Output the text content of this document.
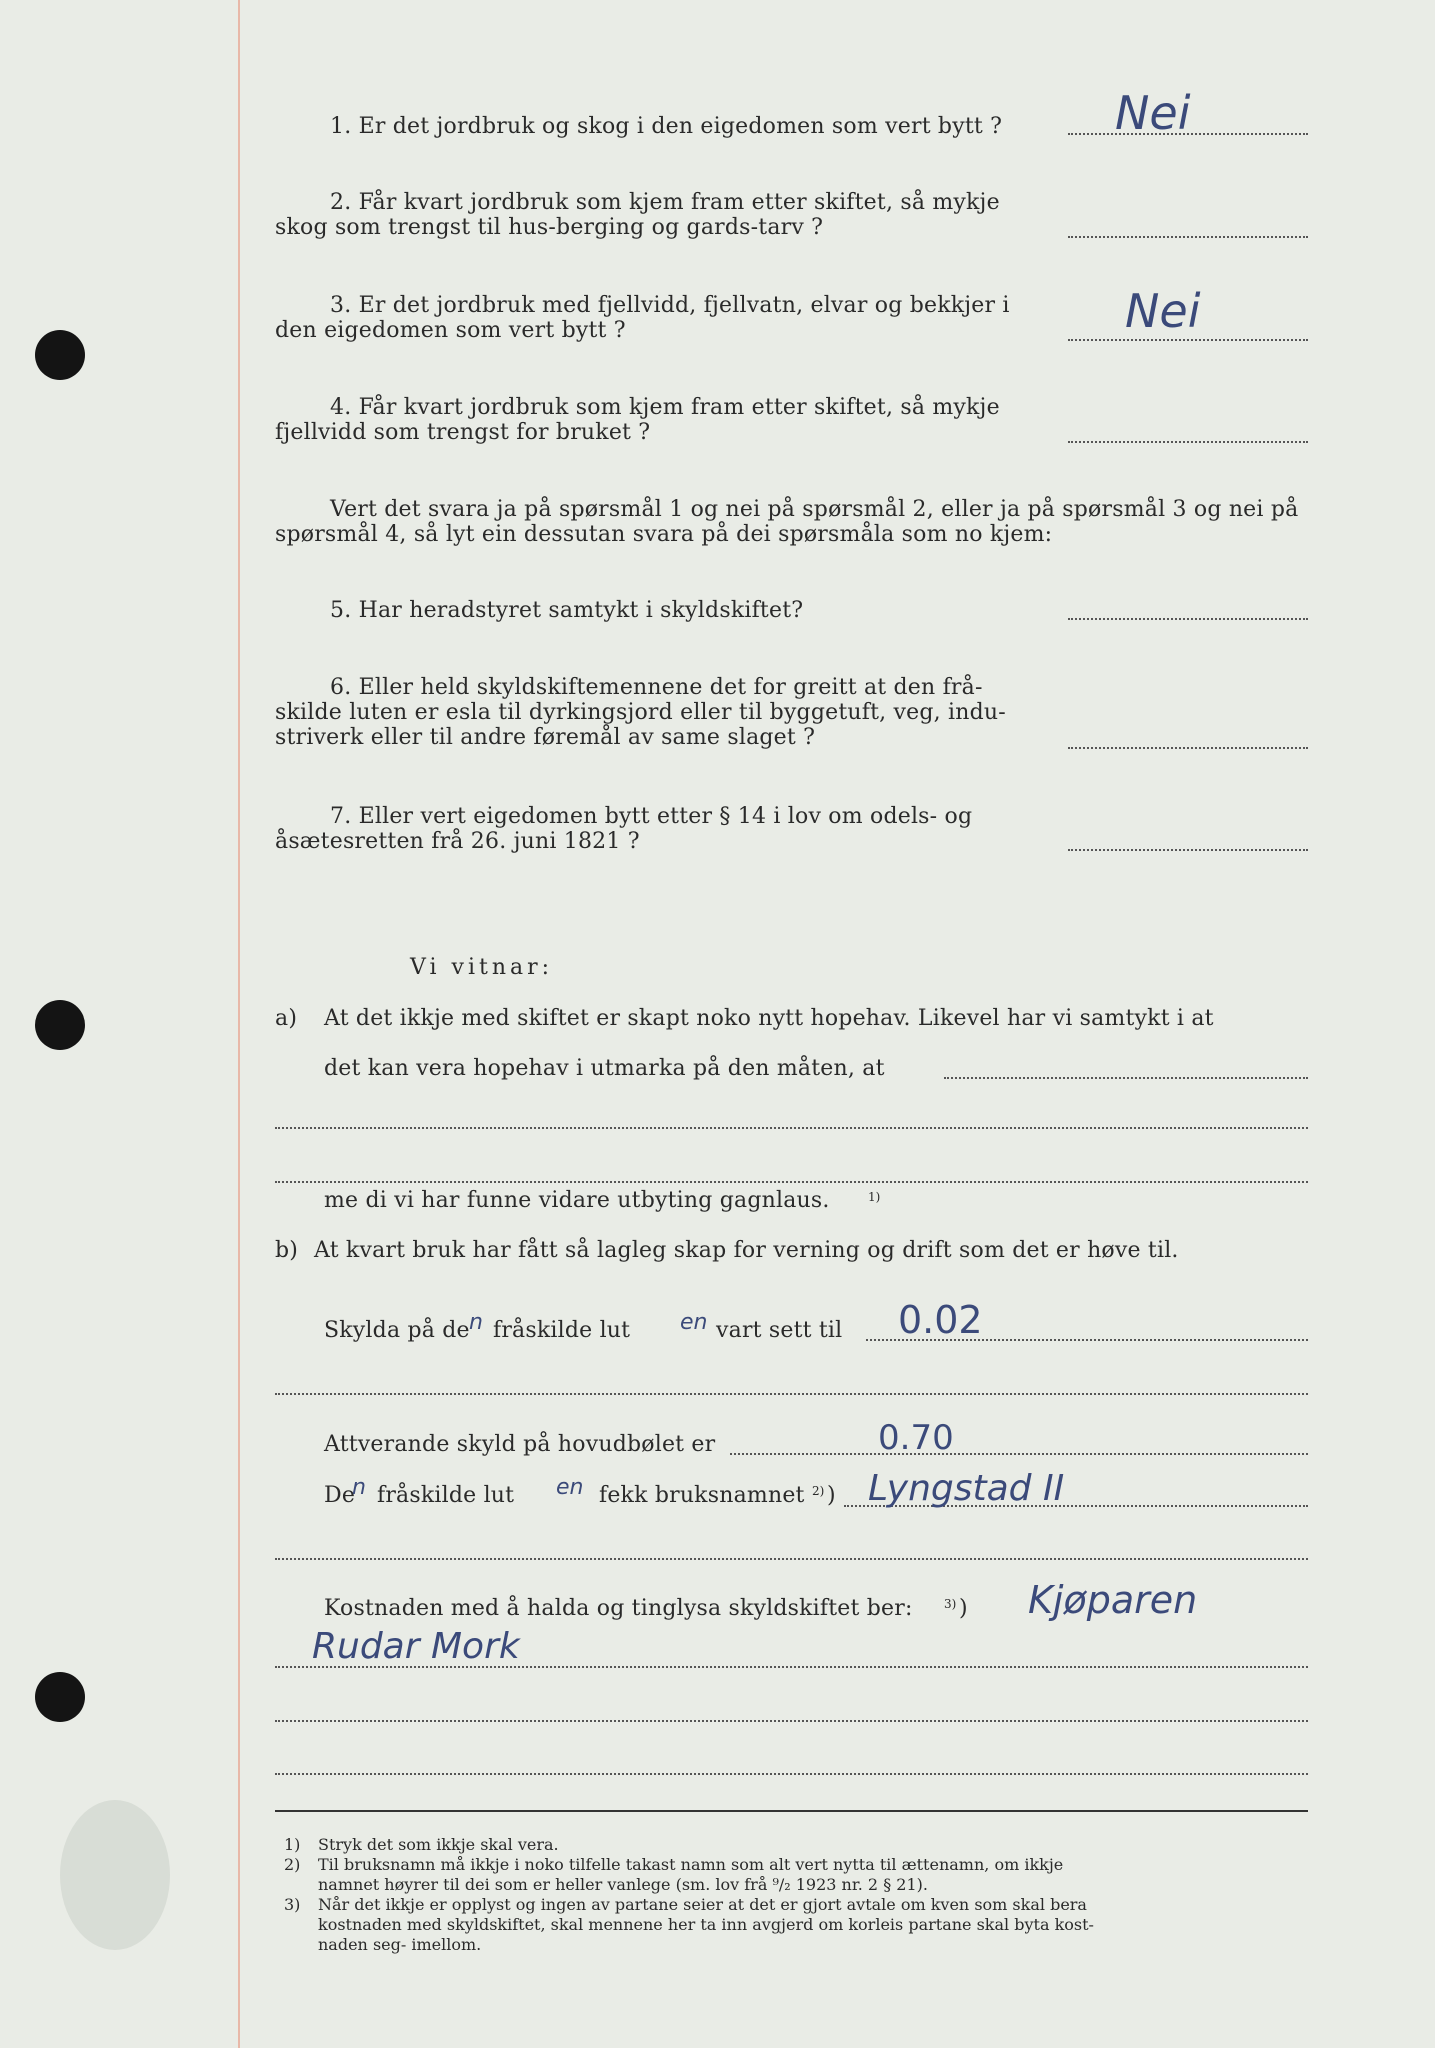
1. Er det jordbruk og skog i den eigedomen som vert bytt ? Nei
2. Får kvart jordbruk som kjem fram etter skiftet, så mykje
skog som trengst til hus-berging og gards-tarv ?
3. Er det jordbruk med fjellvidd, fjellvatn, elvar og bekkjer i
den eigedomen som vert bytt ?	Nei
4. Får kvart jordbruk som kjem fram etter skiftet, så mykje
fjellvidd som trengst for bruket ?
Vert det svara ja på spørsmål 1 og nei på spørsmål 2, eller ja på spørsmål 3 og nei på
spørsmål 4, så lyt ein dessutan svara på dei spørsmåla som no kjem:
5. Har heradstyret samtykt i skyldskiftet?
6. Eller held skyldskiftemennene det for greitt at den frå-
skilde luten er esla til dyrkingsjord eller til byggetuft, veg, indu-
striverk eller til andre føremål av same slaget ?
7. Eller vert eigedomen bytt etter § 14 i lov om odels- og
åsætesretten frå 26. juni 1821 ?
Vi vitnar:
a) At det ikkje med skiftet er skapt noko nytt hopehav. Likevel har vi samtykt i at
det kan vera hopehav i utmarka på den måten, at
me di vi har funne vidare utbyting gagnlaus.	1)
b) At kvart bruk har fått så lagleg skap for verning og drift som det er høve til.
Skylda på de n fråskilde lut en vart sett til 0.02
Attverande skyld på hovudbølet er	0.70
De
n fråskilde lut en fekk bruksnamnet 2) ) Lyngstad II
Kostnaden med å halda og tinglysa skyldskiftet ber:	3) ) Kjøparen
Rudar Mork
1) Stryk det som ikkje skal vera.
2) Til bruksnamn må ikkje i noko tilfelle takast namn som alt vert nytta til ættenamn, om ikkje
namnet høyrer til dei som er heller vanlege (sm. lov frå ⁹/₂ 1923 nr. 2 § 21).
3) Når det ikkje er opplyst og ingen av partane seier at det er gjort avtale om kven som skal bera
kostnaden med skyldskiftet, skal mennene her ta inn avgjerd om korleis partane skal byta kost-
naden seg- imellom.
